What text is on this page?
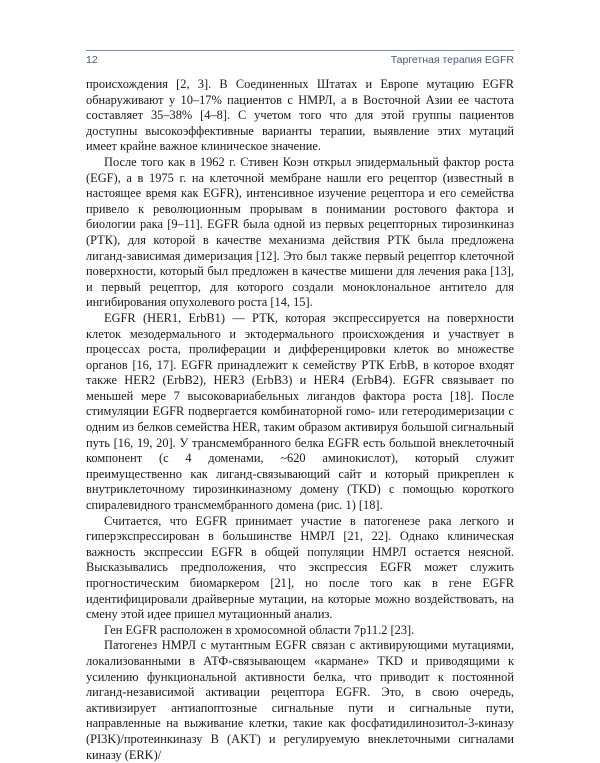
12	Таргетная терапия EGFR

происхождения [2, 3]. В Соединенных Штатах и Европе мутацию EGFR обнаруживают у 10–17% пациентов с НМРЛ, а в Восточной Азии ее частота составляет 35–38% [4–8]. С учетом того что для этой группы пациентов доступны высокоэффективные варианты терапии, выявление этих мутаций имеет крайне важное клиническое значение.

После того как в 1962 г. Стивен Коэн открыл эпидермальный фактор роста (EGF), а в 1975 г. на клеточной мембране нашли его рецептор (известный в настоящее время как EGFR), интенсивное изучение рецептора и его семейства привело к революционным прорывам в понимании ростового фактора и биологии рака [9–11]. EGFR была одной из первых рецепторных тирозинкиназ (РТК), для которой в качестве механизма действия РТК была предложена лиганд-зависимая димеризация [12]. Это был также первый рецептор клеточной поверхности, который был предложен в качестве мишени для лечения рака [13], и первый рецептор, для которого создали моноклональное антитело для ингибирования опухолевого роста [14, 15].

EGFR (HER1, ErbB1) — РТК, которая экспрессируется на поверхности клеток мезодермального и эктодермального происхождения и участвует в процессах роста, пролиферации и дифференцировки клеток во множестве органов [16, 17]. EGFR принадлежит к семейству РТК ErbB, в которое входят также HER2 (ErbB2), HER3 (ErbB3) и HER4 (ErbB4). EGFR связывает по меньшей мере 7 высоковариабельных лигандов фактора роста [18]. После стимуляции EGFR подвергается комбинаторной гомо- или гетеродимеризации с одним из белков семейства HER, таким образом активируя большой сигнальный путь [16, 19, 20]. У трансмембранного белка EGFR есть большой внеклеточный компонент (с 4 доменами, ~620 аминокислот), который служит преимущественно как лиганд-связывающий сайт и который прикреплен к внутриклеточному тирозинкиназному домену (TKD) с помощью короткого спиралевидного трансмембранного домена (рис. 1) [18].

Считается, что EGFR принимает участие в патогенезе рака легкого и гиперэкспрессирован в большинстве НМРЛ [21, 22]. Однако клиническая важность экспрессии EGFR в общей популяции НМРЛ остается неясной. Высказывались предположения, что экспрессия EGFR может служить прогностическим биомаркером [21], но после того как в гене EGFR идентифицировали драйверные мутации, на которые можно воздействовать, на смену этой идее пришел мутационный анализ.

Ген EGFR расположен в хромосомной области 7p11.2 [23].

Патогенез НМРЛ с мутантным EGFR связан с активирующими мутациями, локализованными в АТФ-связывающем «кармане» TKD и приводящими к усилению функциональной активности белка, что приводит к постоянной лиганд-независимой активации рецептора EGFR. Это, в свою очередь, активизирует антиапоптозные сигнальные пути и сигнальные пути, направленные на выживание клетки, такие как фосфатидилинозитол-3-киназу (PI3K)/протеинкиназу B (AKT) и регулируемую внеклеточными сигналами киназу (ERK)/
